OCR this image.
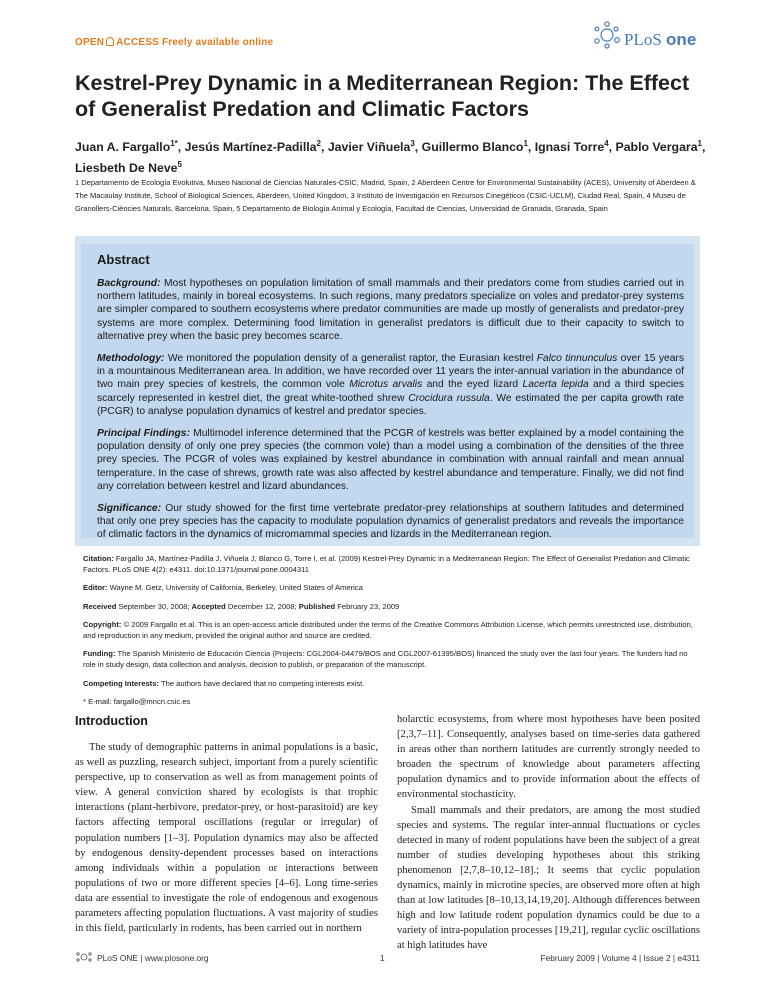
OPEN ACCESS Freely available online	PLoS one
Kestrel-Prey Dynamic in a Mediterranean Region: The Effect of Generalist Predation and Climatic Factors
Juan A. Fargallo$^{1*}$, Jesús Martínez-Padilla$^2$, Javier Viñuela$^3$, Guillermo Blanco$^1$, Ignasi Torre$^4$, Pablo Vergara$^1$, Liesbeth De Neve$^5$
1 Departamento de Ecología Evolutiva, Museo Nacional de Ciencias Naturales-CSIC, Madrid, Spain, 2 Aberdeen Centre for Environmental Sustainability (ACES), University of Aberdeen & The Macaulay Institute, School of Biological Sciences, Aberdeen, United Kingdom, 3 Instituto de Investigación en Recursos Cinegéticos (CSIC-UCLM), Ciudad Real, Spain, 4 Museu de Granollers-Ciències Naturals, Barcelona, Spain, 5 Departamento de Biología Animal y Ecología, Facultad de Ciencias, Universidad de Granada, Granada, Spain
Abstract

Background: Most hypotheses on population limitation of small mammals and their predators come from studies carried out in northern latitudes, mainly in boreal ecosystems. In such regions, many predators specialize on voles and predator-prey systems are simpler compared to southern ecosystems where predator communities are made up mostly of generalists and predator-prey systems are more complex. Determining food limitation in generalist predators is difficult due to their capacity to switch to alternative prey when the basic prey becomes scarce.

Methodology: We monitored the population density of a generalist raptor, the Eurasian kestrel Falco tinnunculus over 15 years in a mountainous Mediterranean area. In addition, we have recorded over 11 years the inter-annual variation in the abundance of two main prey species of kestrels, the common vole Microtus arvalis and the eyed lizard Lacerta lepida and a third species scarcely represented in kestrel diet, the great white-toothed shrew Crocidura russula. We estimated the per capita growth rate (PCGR) to analyse population dynamics of kestrel and predator species.

Principal Findings: Multimodel inference determined that the PCGR of kestrels was better explained by a model containing the population density of only one prey species (the common vole) than a model using a combination of the densities of the three prey species. The PCGR of voles was explained by kestrel abundance in combination with annual rainfall and mean annual temperature. In the case of shrews, growth rate was also affected by kestrel abundance and temperature. Finally, we did not find any correlation between kestrel and lizard abundances.

Significance: Our study showed for the first time vertebrate predator-prey relationships at southern latitudes and determined that only one prey species has the capacity to modulate population dynamics of generalist predators and reveals the importance of climatic factors in the dynamics of micromammal species and lizards in the Mediterranean region.

Citation: Fargallo JA, Martínez-Padilla J, Viñuela J, Blanco G, Torre I, et al. (2009) Kestrel-Prey Dynamic in a Mediterranean Region: The Effect of Generalist Predation and Climatic Factors. PLoS ONE 4(2): e4311. doi:10.1371/journal.pone.0004311

Editor: Wayne M. Getz, University of California, Berkeley, United States of America

Received September 30, 2008; Accepted December 12, 2008; Published February 23, 2009

Copyright: © 2009 Fargallo et al. This is an open-access article distributed under the terms of the Creative Commons Attribution License, which permits unrestricted use, distribution, and reproduction in any medium, provided the original author and source are credited.

Funding: The Spanish Ministerio de Educación Ciencia (Projects: CGL2004-04479/BOS and CGL2007-61395/BOS) financed the study over the last four years. The funders had no role in study design, data collection and analysis, decision to publish, or preparation of the manuscript.

Competing Interests: The authors have declared that no competing interests exist.

* E-mail: fargallo@mncn.csic.es

Introduction

The study of demographic patterns in animal populations is a basic, as well as puzzling, research subject, important from a purely scientific perspective, up to conservation as well as from management points of view. A general conviction shared by ecologists is that trophic interactions (plant-herbivore, predator-prey, or host-parasitoid) are key factors affecting temporal oscillations (regular or irregular) of population numbers [1–3]. Population dynamics may also be affected by endogenous density-dependent processes based on interactions among individuals within a population or interactions between populations of two or more different species [4–6]. Long time-series data are essential to investigate the role of endogenous and exogenous parameters affecting population fluctuations. A vast majority of studies in this field, particularly in rodents, has been carried out in northern

holarctic ecosystems, from where most hypotheses have been posited [2,3,7–11]. Consequently, analyses based on time-series data gathered in areas other than northern latitudes are currently strongly needed to broaden the spectrum of knowledge about parameters affecting population dynamics and to provide information about the effects of environmental stochasticity.

Small mammals and their predators, are among the most studied species and systems. The regular inter-annual fluctuations or cycles detected in many of rodent populations have been the subject of a great number of studies developing hypotheses about this striking phenomenon [2,7,8–10,12–18].; It seems that cyclic population dynamics, mainly in microtine species, are observed more often at high than at low latitudes [8–10,13,14,19,20]. Although differences between high and low latitude rodent population dynamics could be due to a variety of intra-population processes [19,21], regular cyclic oscillations at high latitudes have

PLoS ONE | www.plosone.org	1	February 2009 | Volume 4 | Issue 2 | e4311
